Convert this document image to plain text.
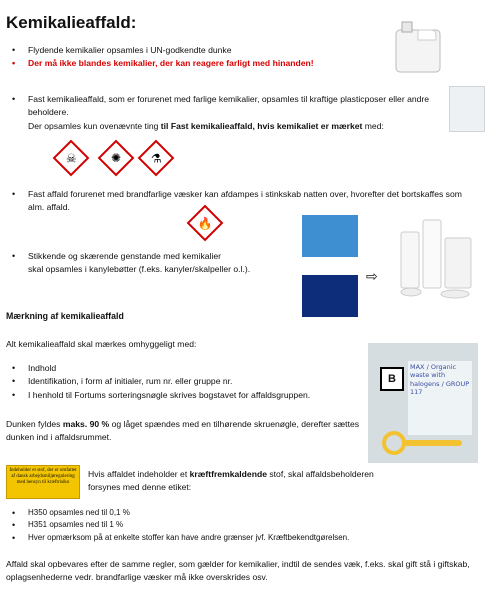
Kemikalieaffald:
• Flydende kemikalier opsamles i UN-godkendte dunke
• Der må ikke blandes kemikalier, der kan reagere farligt med hinanden!
• Fast kemikalieaffald, som er forurenet med farlige kemikalier, opsamles til kraftige plasticposer eller andre beholdere.
Der opsamles kun ovenævnte ting til Fast kemikalieaffald, hvis kemikaliet er mærket med:
☠	✺ ⚗
• Fast affald forurenet med brandfarlige væsker kan afdampes i stinkskab natten over, hvorefter det bortskaffes som alm. affald.
🔥
⇨
• Stikkende og skærende genstande med kemikalier
skal opsamles i kanylebøtter (f.eks. kanyler/skalpeller o.l.).
Mærkning af kemikalieaffald
Alt kemikalieaffald skal mærkes omhyggeligt med:
• Indhold
• Identifikation, i form af initialer, rum nr. eller gruppe nr.
• I henhold til Fortums sorteringsnøgle skrives bogstavet for affaldsgruppen.
B
MAX / Organic waste with halogens / GROUP 117
Dunken fyldes maks. 90 % og låget spændes med en tilhørende skruenøgle, derefter sættes dunken ind i affaldsrummet.
Indeholder et stof, der er omfattet af dansk arbejdsmiljøregulering med hensyn til kræftrisiko
Hvis affaldet indeholder et kræftfremkaldende stof, skal affaldsbeholderen forsynes med denne etiket:
• H350 opsamles ned til 0,1 %
• H351 opsamles ned til 1 %
• Hver opmærksom på at enkelte stoffer kan have andre grænser jvf. Kræftbekendtgørelsen.
Affald skal opbevares efter de samme regler, som gælder for kemikalier, indtil de sendes væk, f.eks. skal gift stå i giftskab, oplagsenhederne vedr. brandfarlige væsker må ikke overskrides osv.
